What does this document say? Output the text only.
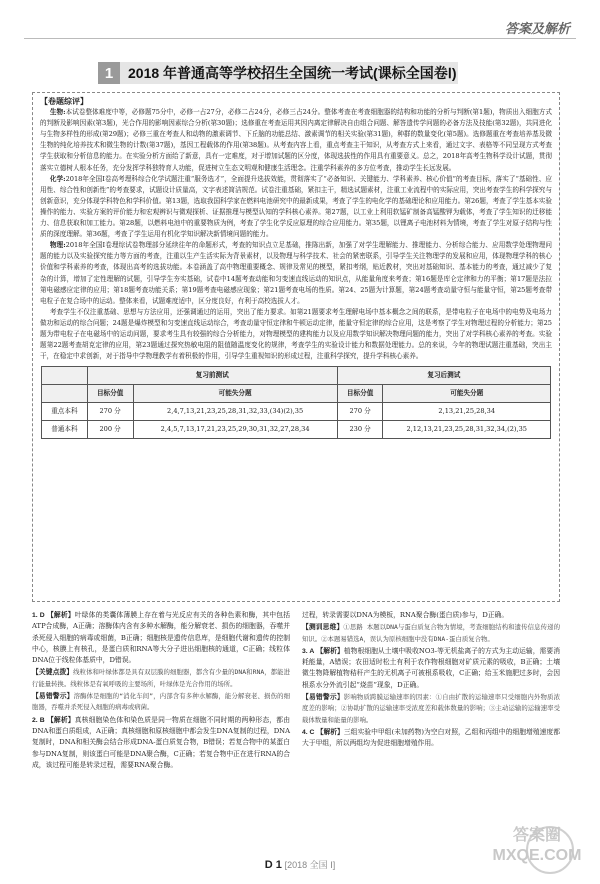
答案及解析
1	2018 年普通高等学校招生全国统一考试(课标全国卷Ⅰ)

【卷题综评】

生物:本试卷整体难度中等，必修题75分中，必修一占27分，必修二占24分，必修三占24分。整体考查在考查细胞器的结构和功能的分析与判断(第1题)，物质出入细胞方式的判断及影响因素(第3题)，光合作用的影响因素综合分析(第30题)；选修重在考查运用其因内离定律解决自由组合问题、解答遗传学问题的必备方法及技能(第32题)，共同进化与生物多样性的形成(第29题)；必修三重在考查人和动物的激素调节、下丘脑的功能总结、激素调节的相关实验(第31题)，种群的数量变化(第5题)。选修题重在考查培养基及微生物的纯化培养技术和微生物的计数(第37题)，基因工程载体的作用(第38题)。从考查内容上看，重点考查主干知识，从考查方式上来看，通过文字、表格等不同呈现方式考查学生获取和分析信息的能力。在实验分析方面给了新意，具有一定难度，对于增加试题的区分度，体现选拔性的作用具有重要意义。总之，2018年高考生物科学设计试题，贯彻落实立德树人根本任务，充分发挥学科独特育人功能，促进树立生态文明观和健康生活理念。注重学科素养的多方位考查，推动学生长远发展。

化学:2018年全国Ⅰ卷高考理科综合化学试题注重“服务选才”，全面提升选拔效能，贯彻落实了“必备知识、关键能力、学科素养、核心价值”的考查目标，落实了“基础性、应用性、综合性和创新性”的考查要求，试题设计质量高，文字表述简洁规范。试卷注重基础，紧扣主干，精选试题素材，注重工业流程中的实际应用，突出考查学生的科学探究与创新意识，充分体现学科特色和学科价值。第13题，选取我国科学家在燃料电池研究中的最新成果，考查了学生的电化学的基础理论和应用能力。第26题，考查了学生基本实验操作的能力、实验方案的评价能力和宏观辨识与微观探析、证据推理与模型认知的学科核心素养。第27题，以工业上利用软锰矿制备高锰酸钾为载体，考查了学生知识的迁移能力、信息获取和加工能力。第28题，以燃料电池中的重要物质为例，考查了学生化学反应原理的综合应用能力。第35题，以锂离子电池材料为情境，考查了学生对原子结构与性质的深度理解。第36题，考查了学生运用有机化学知识解决新情境问题的能力。

物理:2018年全国Ⅰ卷理综试卷物理部分延续往年的命题形式，考查的知识点立足基础，推陈出新，加强了对学生理解能力、推理能力、分析综合能力、应用数学处理物理问题的能力以及实验探究能力等方面的考查，注重以生产生活实际为背景素材，以及物理与科学技术、社会的紧密联系，引导学生关注物理学的发展和应用，体现物理学科的核心价值和学科素养的考查，体现出高考的选拔功能。本卷涵盖了高中物理重要概念、规律及常见的模型，紧扣考纲，贴近教材，突出对基础知识、基本能力的考查，通过减少了复杂的计算，增加了定性理解的试题，引导学生夯实基础，试卷中14题考查动能和匀变速直线运动的知识点，从能量角度来考查；第16题是库仑定律和力的平衡；第17题是法拉第电磁感应定律的应用；第18题考查功能关系；第19题考查电磁感应现象；第21题考查电场的性质。第24、25题为计算题，第24题考查动量守恒与能量守恒，第25题考查带电粒子在复合场中的运动。整体来看，试题难度适中，区分度良好，有利于高校选拔人才。

考查学生不仅注重基础、思想与方法应用，还强调通过的运用，突出了能力要求。如第21题要求考生理解电场中基本概念之间的联系，是带电粒子在电场中的电势及电场力做功和运动的综合问题；24题是爆炸模型和匀变速直线运动综合，考查动量守恒定律和牛顿运动定律，能量守恒定律的综合应用，这是考察了学生对物理过程的分析能力；第25题为带电粒子在电磁场中的运动问题，要求考生具有较强的综合分析能力，对物理模型的建构能力以及应用数学知识解决物理问题的能力，突出了对学科核心素养的考查。实验题第22题考查胡克定律的应用，第23题通过探究热敏电阻的阻值随温度变化的规律，考查学生的实验设计能力和数据处理能力。总的来说，今年的物理试题注重基础，突出主干，在稳定中求创新，对于指导中学物理教学有着积极的作用，引导学生重视知识的形成过程，注重科学探究，提升学科核心素养。

	复习前测试		复习后测试	
	目标分值	可能失分题	目标分值	可能失分题
重点本科	270 分	2,4,7,13,21,23,25,28,31,32,33,(34)(2),35	270 分	2,13,21,25,28,34
普通本科	200 分	2,4,5,7,13,17,21,23,25,29,30,31,32,27,28,34	230 分	2,12,13,21,23,25,28,31,32,34,(2),35

1. D 【解析】叶绿体的类囊体薄膜上存在着与光反应有关的各种色素和酶，其中包括ATP合成酶，A正确；溶酶体内含有多种水解酶，能分解衰老、损伤的细胞器，吞噬并杀死侵入细胞的病毒或细菌，B正确；细胞核是遗传信息库，是细胞代谢和遗传的控制中心，核膜上有核孔，是蛋白质和RNA等大分子进出细胞核的通道，C正确；线粒体DNA位于线粒体基质中，D错误。

【关键点拨】线粒体和叶绿体都是具有双层膜的细胞器，都含有少量的DNA和RNA，都能进行能量转换。线粒体是有氧呼吸的主要场所，叶绿体是光合作用的场所。

【易错警示】溶酶体是细胞的“消化车间”，内部含有多种水解酶，能分解衰老、损伤的细胞器，吞噬并杀死侵入细胞的病毒或病菌。

2. B 【解析】真核细胞染色体和染色质是同一物质在细胞不同时期的两种形态，都由DNA和蛋白质组成，A正确；真核细胞和原核细胞中都会发生DNA复制的过程，DNA复制时，DNA和相关酶会结合形成DNA-蛋白质复合物，B错误；若复合物中的某蛋白参与DNA复制，则该蛋白可能是DNA聚合酶，C正确；若复合物中正在进行RNA的合成，该过程可能是转录过程，需要RNA聚合酶。

过程，转录需要以DNA为模板，RNA聚合酶(蛋白质)参与，D正确。

【测训思维】①思路 本题以DNA与蛋白质复合物为情境，考查细胞结构和遗传信息传递的知识。②本题易错选A，误认为原核细胞中没有DNA-蛋白质复合物。

3. A 【解析】植物根细胞从土壤中吸收NO3-等无机盐离子的方式为主动运输，需要消耗能量，A错误；农田适时松土有利于农作物根细胞对矿质元素的吸收，B正确；土壤微生物降解植物秸秆产生的无机离子可被根系吸收，C正确；给玉米施肥过多时，会因根系水分外流引起“烧苗”现象，D正确。

【易错警示】影响物质跨膜运输速率的因素：①自由扩散的运输速率只受细胞内外物质浓度差的影响；②协助扩散的运输速率受浓度差和载体数量的影响；③主动运输的运输速率受载体数量和能量的影响。

4. C 【解析】三组实验中甲组(未加药物)为空白对照，乙组和丙组中的细胞增殖速度都大于甲组，所以两组均为促进细胞增殖作用。

答案圈 MXQE.COM
D 1 [2018 全国 Ⅰ]
